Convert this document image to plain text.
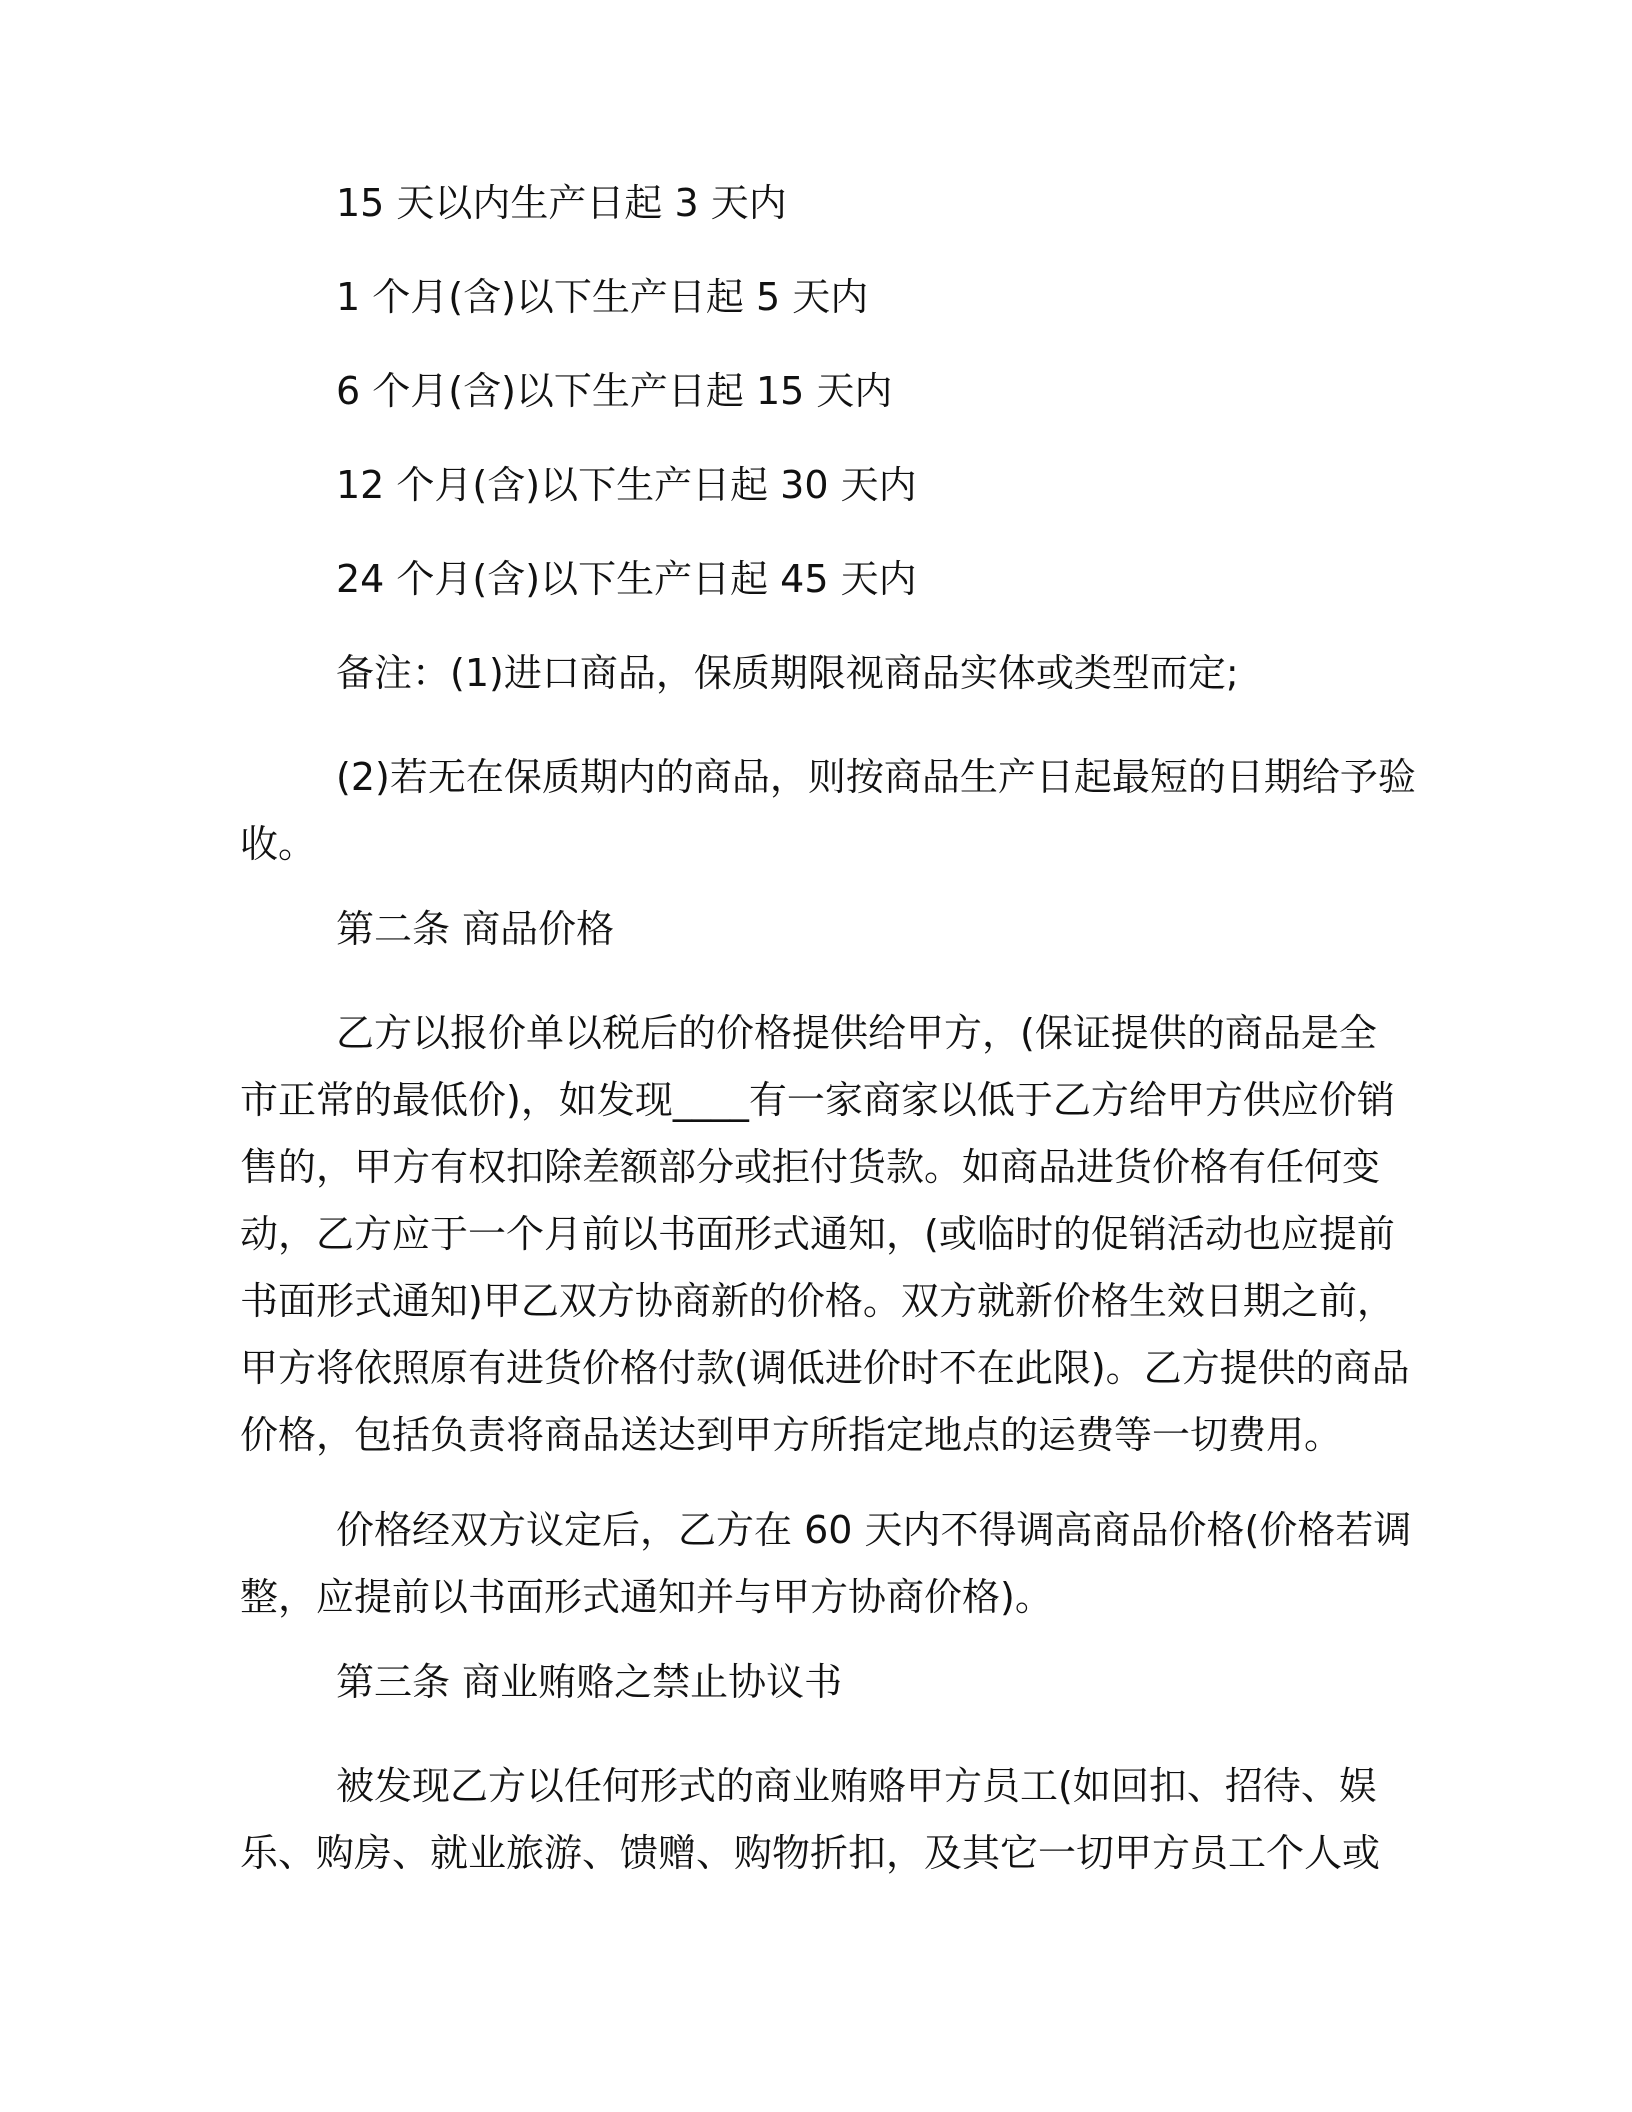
15 天以内生产日起 3 天内

1 个月(含)以下生产日起 5 天内

6 个月(含)以下生产日起 15 天内

12 个月(含)以下生产日起 30 天内

24 个月(含)以下生产日起 45 天内

备注：(1)进口商品，保质期限视商品实体或类型而定;

(2)若无在保质期内的商品，则按商品生产日起最短的日期给予验
收。

第二条 商品价格

乙方以报价单以税后的价格提供给甲方，(保证提供的商品是全
市正常的最低价)，如发现____有一家商家以低于乙方给甲方供应价销
售的，甲方有权扣除差额部分或拒付货款。如商品进货价格有任何变
动，乙方应于一个月前以书面形式通知，(或临时的促销活动也应提前
书面形式通知)甲乙双方协商新的价格。双方就新价格生效日期之前，
甲方将依照原有进货价格付款(调低进价时不在此限)。乙方提供的商品
价格，包括负责将商品送达到甲方所指定地点的运费等一切费用。

价格经双方议定后，乙方在 60 天内不得调高商品价格(价格若调
整，应提前以书面形式通知并与甲方协商价格)。

第三条 商业贿赂之禁止协议书

被发现乙方以任何形式的商业贿赂甲方员工(如回扣、招待、娱
乐、购房、就业旅游、馈赠、购物折扣，及其它一切甲方员工个人或
